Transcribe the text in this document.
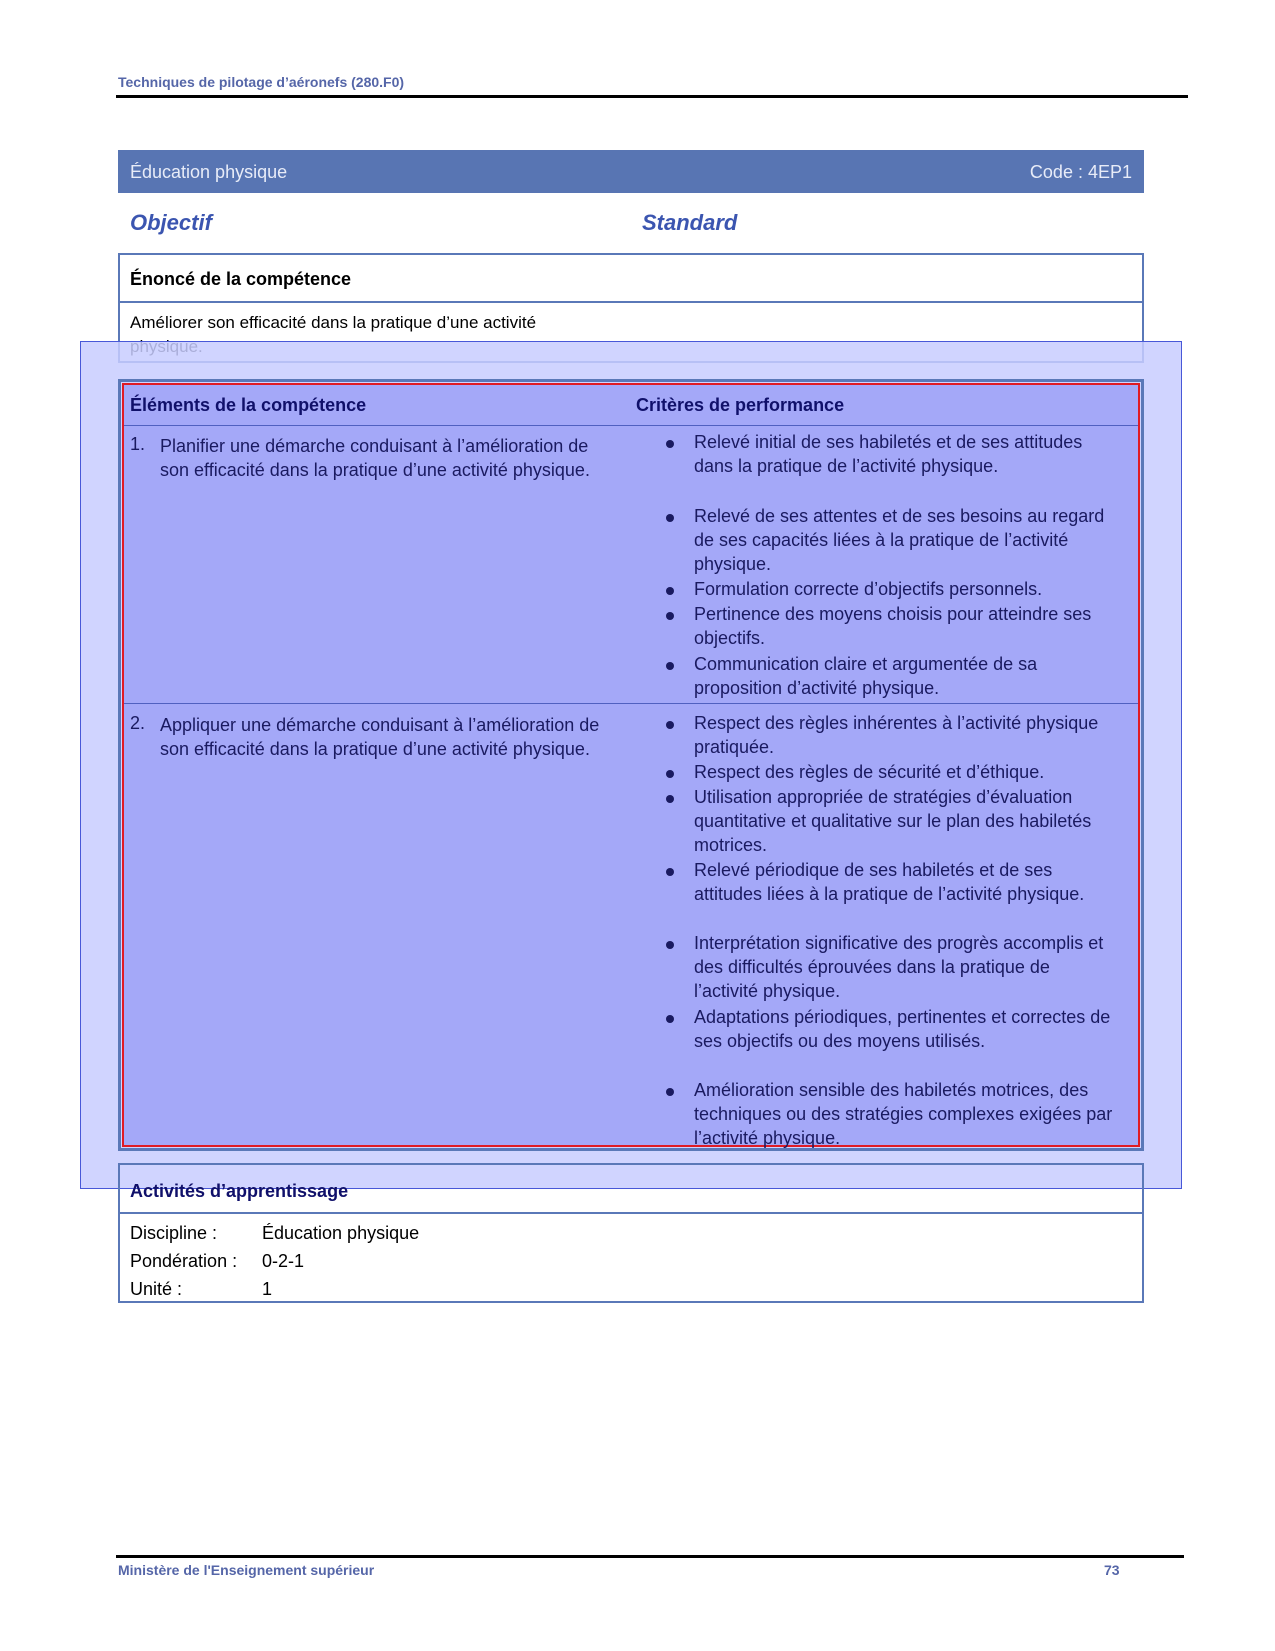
Techniques de pilotage d’aéronefs (280.F0)
Éducation physique	Code : 4EP1
Objectif	Standard
Énoncé de la compétence
Améliorer son efficacité dans la pratique d’une activité
Éléments de la compétence	Critères de performance
1. Planifier une démarche conduisant à l’amélioration de son efficacité dans la pratique d’une activité physique.
Relevé initial de ses habiletés et de ses attitudes dans la pratique de l’activité physique.
Relevé de ses attentes et de ses besoins au regard de ses capacités liées à la pratique de l’activité physique.
Formulation correcte d’objectifs personnels.
Pertinence des moyens choisis pour atteindre ses objectifs.
Communication claire et argumentée de sa proposition d’activité physique.
2. Appliquer une démarche conduisant à l’amélioration de son efficacité dans la pratique d’une activité physique.
Respect des règles inhérentes à l’activité physique pratiquée.
Respect des règles de sécurité et d’éthique.
Utilisation appropriée de stratégies d’évaluation quantitative et qualitative sur le plan des habiletés motrices.
Relevé périodique de ses habiletés et de ses attitudes liées à la pratique de l’activité physique.
Interprétation significative des progrès accomplis et des difficultés éprouvées dans la pratique de l’activité physique.
Adaptations périodiques, pertinentes et correctes de ses objectifs ou des moyens utilisés.
Amélioration sensible des habiletés motrices, des techniques ou des stratégies complexes exigées par l’activité physique.
Activités d’apprentissage
Discipline : Éducation physique
Pondération : 0-2-1
Unité :	1
Ministère de l'Enseignement supérieur	73
